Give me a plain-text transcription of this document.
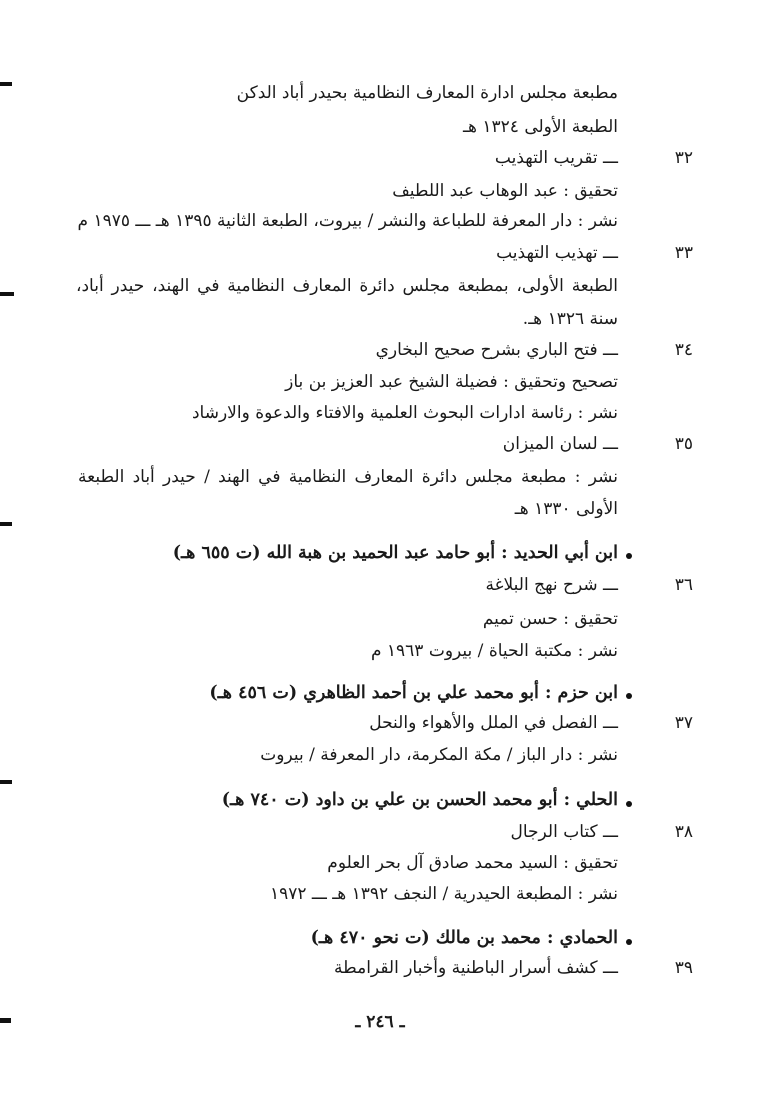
مطبعة مجلس ادارة المعارف النظامية بحيدر أباد الدكن
الطبعة الأولى ١٣٢٤ هـ
٣٢
ـــ تقريب التهذيب
تحقيق : عبد الوهاب عبد اللطيف
نشر : دار المعرفة للطباعة والنشر / بيروت، الطبعة الثانية ١٣٩٥ هـ ـــ ١٩٧٥ م
٣٣
ـــ تهذيب التهذيب
الطبعة الأولى، بمطبعة مجلس دائرة المعارف النظامية في الهند، حيدر أباد،
سنة ١٣٢٦ هـ.
٣٤
ـــ فتح الباري بشرح صحيح البخاري
تصحيح وتحقيق : فضيلة الشيخ عبد العزيز بن باز
نشر : رئاسة ادارات البحوث العلمية والافتاء والدعوة والارشاد
٣٥
ـــ لسان الميزان
نشر : مطبعة مجلس دائرة المعارف النظامية في الهند / حيدر أباد الطبعة
الأولى ١٣٣٠ هـ
ابن أبي الحديد : أبو حامد عبد الحميد بن هبة الله (ت ٦٥٥ هـ)
٣٦
ـــ شرح نهج البلاغة
تحقيق : حسن تميم
نشر : مكتبة الحياة / بيروت ١٩٦٣ م
ابن حزم : أبو محمد علي بن أحمد الظاهري (ت ٤٥٦ هـ)
٣٧
ـــ الفصل في الملل والأهواء والنحل
نشر : دار الباز / مكة المكرمة، دار المعرفة / بيروت
الحلي : أبو محمد الحسن بن علي بن داود (ت ٧٤٠ هـ)
٣٨
ـــ كتاب الرجال
تحقيق : السيد محمد صادق آل بحر العلوم
نشر : المطبعة الحيدرية / النجف ١٣٩٢ هـ ـــ ١٩٧٢
الحمادي : محمد بن مالك (ت نحو ٤٧٠ هـ)
٣٩
ـــ كشف أسرار الباطنية وأخبار القرامطة
ـ ٢٤٦ ـ
